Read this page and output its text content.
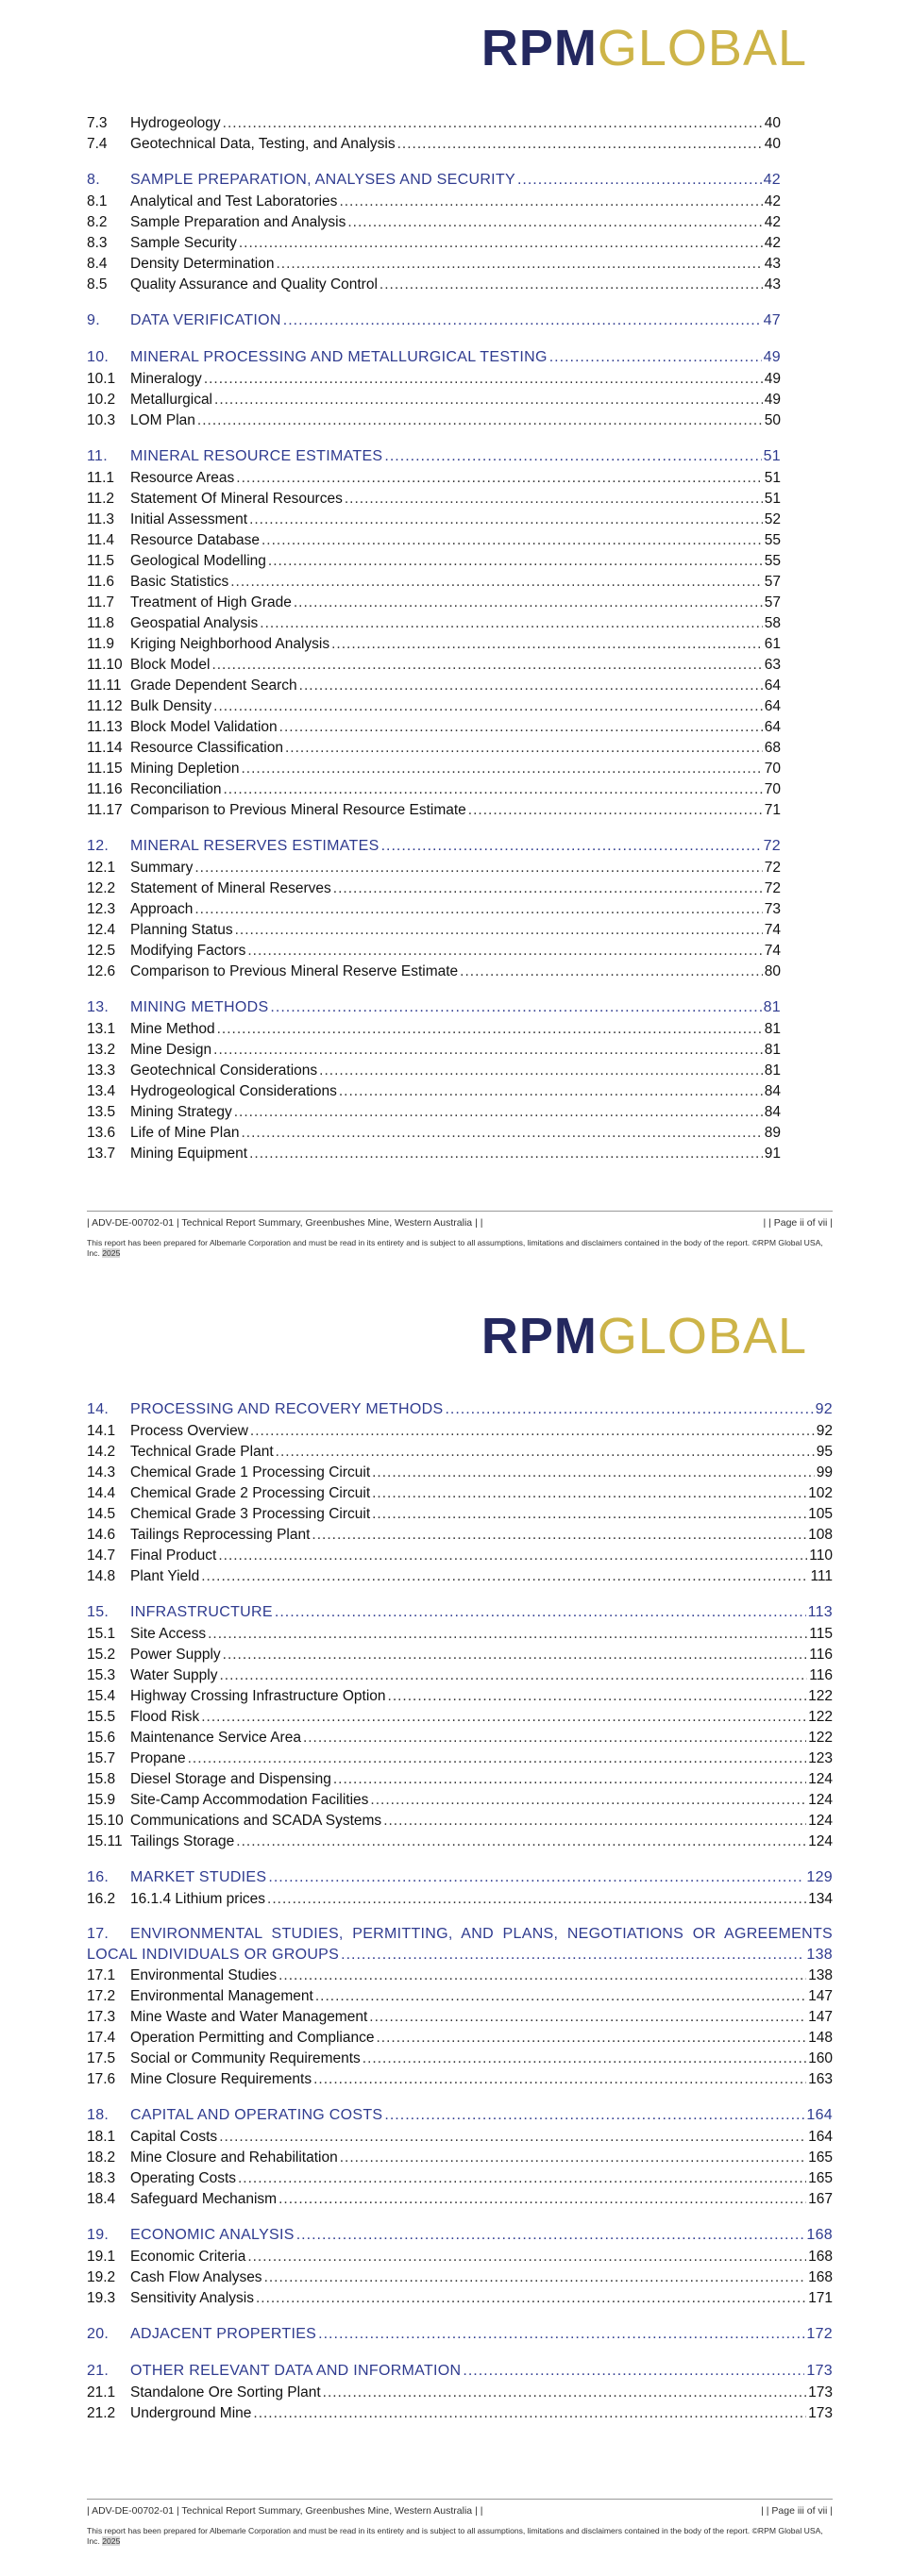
RPMGLOBAL
7.3	Hydrogeology .....	40
7.4	Geotechnical Data, Testing, and Analysis .....	40
8.	SAMPLE PREPARATION, ANALYSES AND SECURITY .....	42
8.1	Analytical and Test Laboratories .....	42
8.2	Sample Preparation and Analysis .....	42
8.3	Sample Security .....	42
8.4	Density Determination .....	43
8.5	Quality Assurance and Quality Control .....	43
9.	DATA VERIFICATION .....	47
10.	MINERAL PROCESSING AND METALLURGICAL TESTING .....	49
10.1	Mineralogy .....	49
10.2	Metallurgical .....	49
10.3	LOM Plan .....	50
11.	MINERAL RESOURCE ESTIMATES .....	51
11.1	Resource Areas .....	51
11.2	Statement Of Mineral Resources .....	51
11.3	Initial Assessment .....	52
11.4	Resource Database .....	55
11.5	Geological Modelling .....	55
11.6	Basic Statistics .....	57
11.7	Treatment of High Grade .....	57
11.8	Geospatial Analysis .....	58
11.9	Kriging Neighborhood Analysis .....	61
11.10 Block Model .....	63
11.11 Grade Dependent Search .....	64
11.12 Bulk Density .....	64
11.13 Block Model Validation .....	64
11.14 Resource Classification .....	68
11.15 Mining Depletion .....	70
11.16 Reconciliation .....	70
11.17 Comparison to Previous Mineral Resource Estimate .....	71
12.	MINERAL RESERVES ESTIMATES .....	72
12.1	Summary .....	72
12.2	Statement of Mineral Reserves .....	72
12.3	Approach .....	73
12.4	Planning Status .....	74
12.5	Modifying Factors .....	74
12.6	Comparison to Previous Mineral Reserve Estimate .....	80
13.	MINING METHODS .....	81
13.1	Mine Method .....	81
13.2	Mine Design .....	81
13.3	Geotechnical Considerations .....	81
13.4	Hydrogeological Considerations .....	84
13.5	Mining Strategy .....	84
13.6	Life of Mine Plan .....	89
13.7	Mining Equipment .....	91
| ADV-DE-00702-01 | Technical Report Summary, Greenbushes Mine, Western Australia | |	| | Page ii of vii |
This report has been prepared for Albemarle Corporation and must be read in its entirety and is subject to all assumptions, limitations and disclaimers contained in the body of the report. ©RPM Global USA, Inc. 2025
RPMGLOBAL
14.	PROCESSING AND RECOVERY METHODS .....	92
14.1	Process Overview .....	92
14.2	Technical Grade Plant .....	95
14.3	Chemical Grade 1 Processing Circuit .....	99
14.4	Chemical Grade 2 Processing Circuit .....	102
14.5	Chemical Grade 3 Processing Circuit .....	105
14.6	Tailings Reprocessing Plant .....	108
14.7	Final Product .....	110
14.8	Plant Yield .....	111
15.	INFRASTRUCTURE .....	113
15.1	Site Access .....	115
15.2	Power Supply .....	116
15.3	Water Supply .....	116
15.4	Highway Crossing Infrastructure Option .....	122
15.5	Flood Risk .....	122
15.6	Maintenance Service Area .....	122
15.7	Propane .....	123
15.8	Diesel Storage and Dispensing .....	124
15.9	Site-Camp Accommodation Facilities .....	124
15.10 Communications and SCADA Systems .....	124
15.11 Tailings Storage .....	124
16.	MARKET STUDIES .....	129
16.2	16.1.4 Lithium prices .....	134
17.	ENVIRONMENTAL STUDIES, PERMITTING, AND PLANS, NEGOTIATIONS OR AGREEMENTS
LOCAL INDIVIDUALS OR GROUPS .....	138
17.1	Environmental Studies .....	138
17.2	Environmental Management .....	147
17.3	Mine Waste and Water Management .....	147
17.4	Operation Permitting and Compliance .....	148
17.5	Social or Community Requirements .....	160
17.6	Mine Closure Requirements .....	163
18.	CAPITAL AND OPERATING COSTS .....	164
18.1	Capital Costs .....	164
18.2	Mine Closure and Rehabilitation .....	165
18.3	Operating Costs .....	165
18.4	Safeguard Mechanism .....	167
19.	ECONOMIC ANALYSIS .....	168
19.1	Economic Criteria .....	168
19.2	Cash Flow Analyses .....	168
19.3	Sensitivity Analysis .....	171
20.	ADJACENT PROPERTIES .....	172
21.	OTHER RELEVANT DATA AND INFORMATION .....	173
21.1	Standalone Ore Sorting Plant .....	173
21.2	Underground Mine .....	173
| ADV-DE-00702-01 | Technical Report Summary, Greenbushes Mine, Western Australia | |	| | Page iii of vii |
This report has been prepared for Albemarle Corporation and must be read in its entirety and is subject to all assumptions, limitations and disclaimers contained in the body of the report. ©RPM Global USA, Inc. 2025
